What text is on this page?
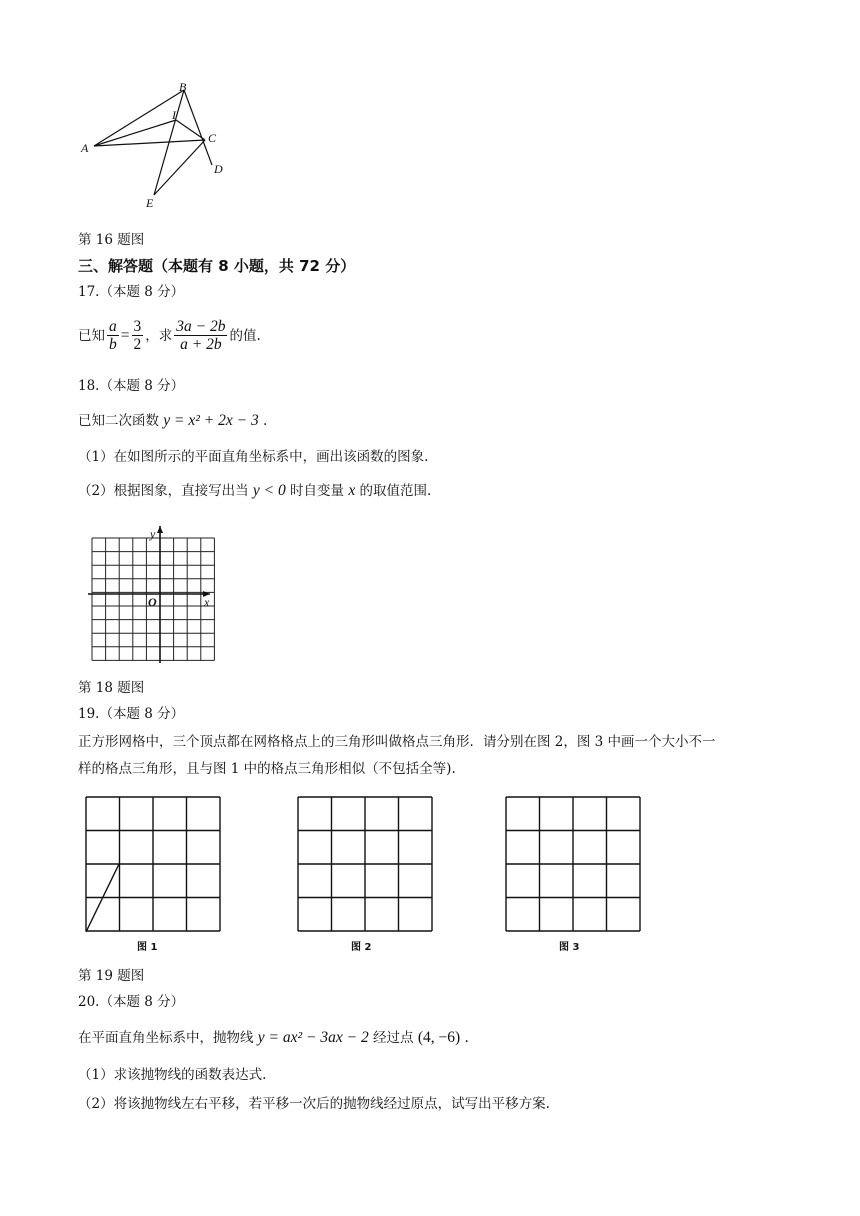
A
B
I
C
D
E
第 16 题图
三、解答题（本题有 8 小题，共 72 分）
17.（本题 8 分）
已知 $\frac{a}{b} = \frac{3}{2}$ ，求 $\frac{3a - 2b}{a + 2b}$ 的值.
18.（本题 8 分）
已知二次函数 y = x² + 2x − 3 .
（1）在如图所示的平面直角坐标系中，画出该函数的图象.
（2）根据图象，直接写出当 y < 0 时自变量 x 的取值范围.
y
x
O
第 18 题图
19.（本题 8 分）
正方形网格中，三个顶点都在网格格点上的三角形叫做格点三角形．请分别在图 2，图 3 中画一个大小不一
样的格点三角形，且与图 1 中的格点三角形相似（不包括全等).
图 1	图 2	图 3
第 19 题图
20.（本题 8 分）
在平面直角坐标系中，抛物线 y = ax² − 3ax − 2 经过点 (4, −6) .
（1）求该抛物线的函数表达式.
（2）将该抛物线左右平移，若平移一次后的抛物线经过原点，试写出平移方案.
